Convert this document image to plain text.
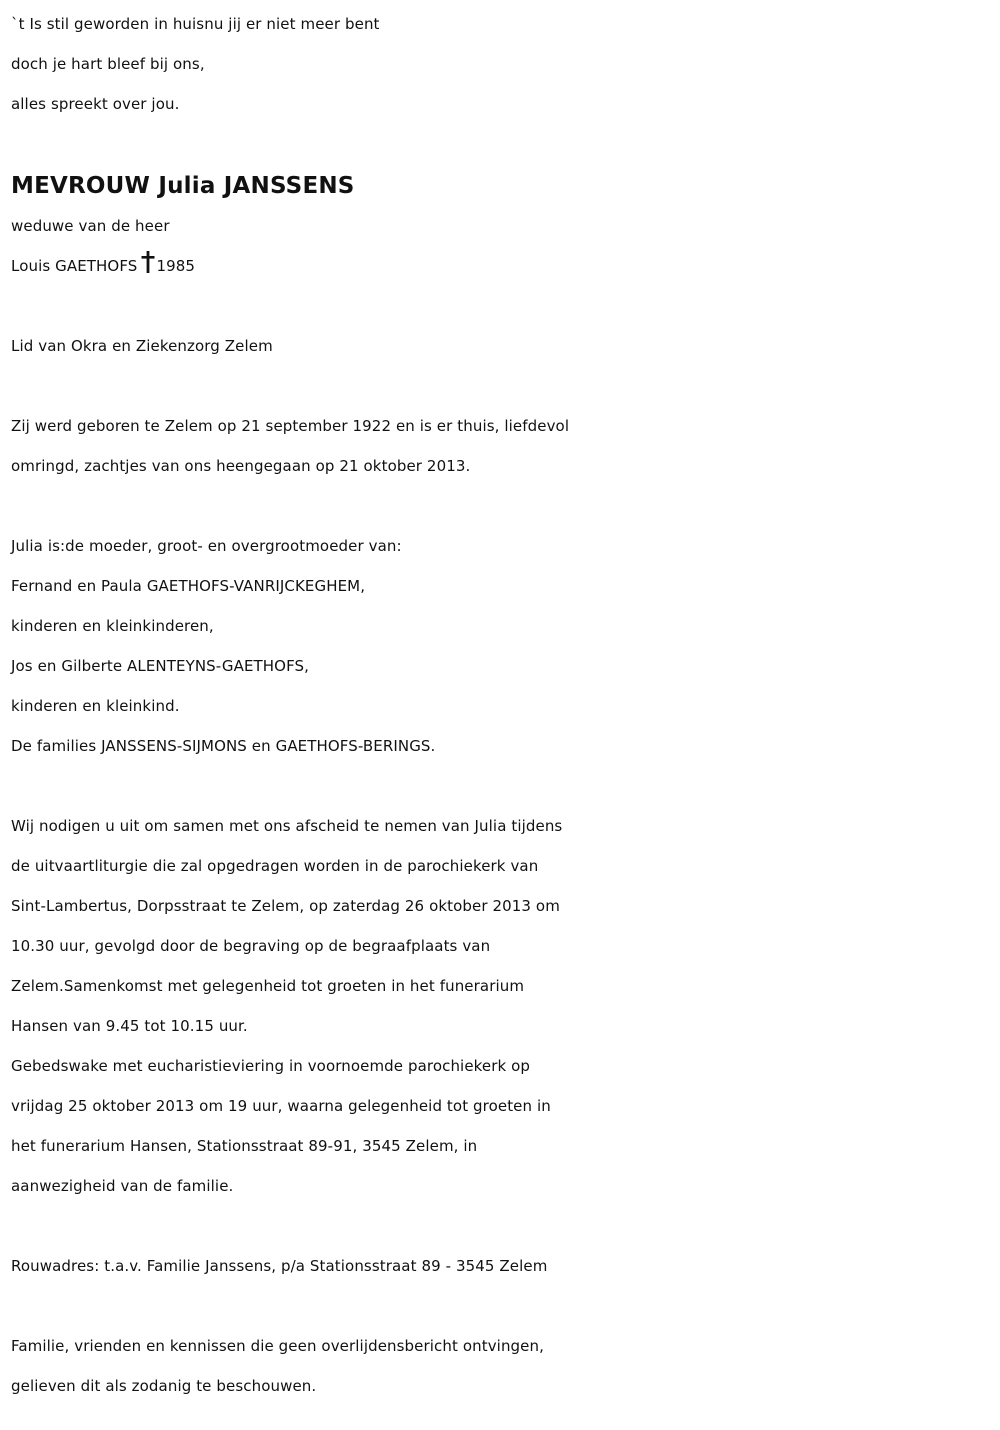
`t Is stil geworden in huisnu jij er niet meer bent
doch je hart bleef bij ons,
alles spreekt over jou.
MEVROUW Julia JANSSENS
weduwe van de heer
Louis GAETHOFS 1985
Lid van Okra en Ziekenzorg Zelem
Zij werd geboren te Zelem op 21 september 1922 en is er thuis, liefdevol
omringd, zachtjes van ons heengegaan op 21 oktober 2013.
Julia is:de moeder, groot- en overgrootmoeder van:
Fernand en Paula GAETHOFS-VANRIJCKEGHEM,
kinderen en kleinkinderen,
Jos en Gilberte ALENTEYNS-GAETHOFS,
kinderen en kleinkind.
De families JANSSENS-SIJMONS en GAETHOFS-BERINGS.
Wij nodigen u uit om samen met ons afscheid te nemen van Julia tijdens
de uitvaartliturgie die zal opgedragen worden in de parochiekerk van
Sint-Lambertus, Dorpsstraat te Zelem, op zaterdag 26 oktober 2013 om
10.30 uur, gevolgd door de begraving op de begraafplaats van
Zelem.Samenkomst met gelegenheid tot groeten in het funerarium
Hansen van 9.45 tot 10.15 uur.
Gebedswake met eucharistieviering in voornoemde parochiekerk op
vrijdag 25 oktober 2013 om 19 uur, waarna gelegenheid tot groeten in
het funerarium Hansen, Stationsstraat 89-91, 3545 Zelem, in
aanwezigheid van de familie.
Rouwadres: t.a.v. Familie Janssens, p/a Stationsstraat 89 - 3545 Zelem
Familie, vrienden en kennissen die geen overlijdensbericht ontvingen,
gelieven dit als zodanig te beschouwen.
